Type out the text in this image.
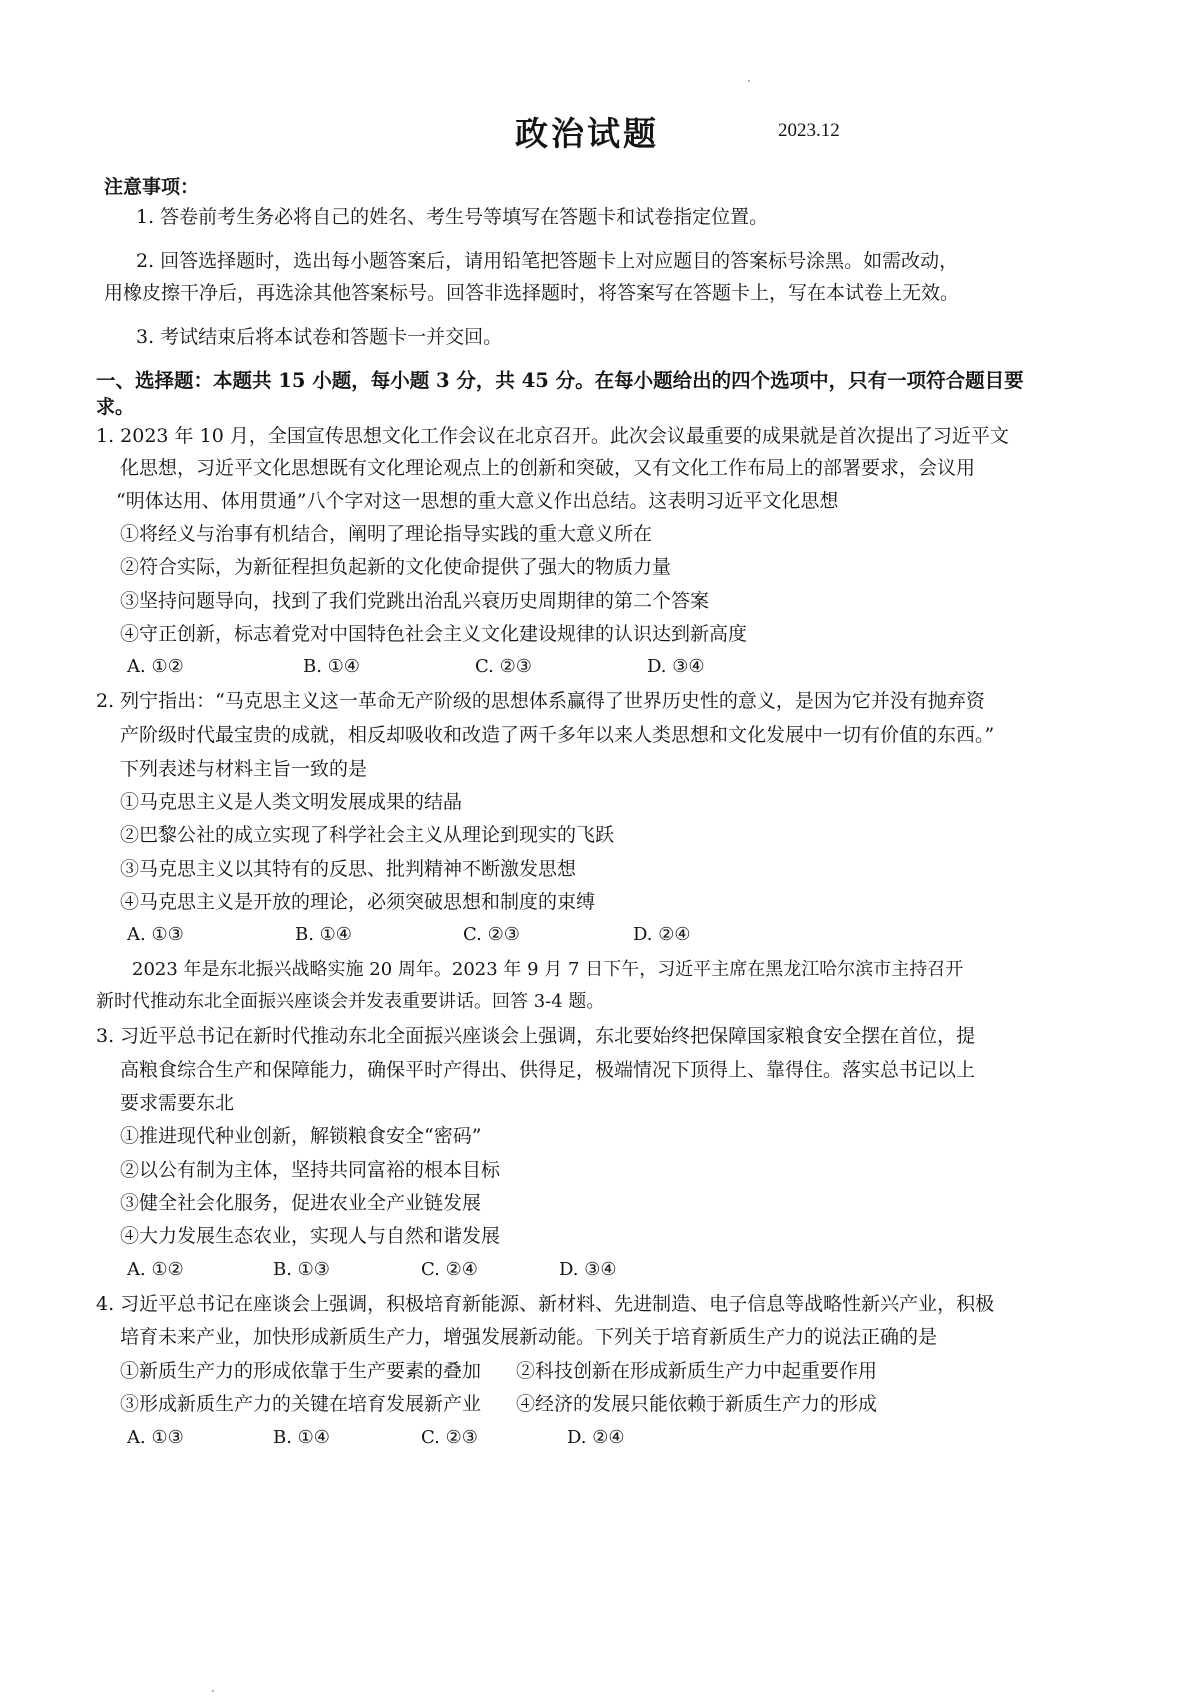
政治试题	2023.12
注意事项：
1. 答卷前考生务必将自己的姓名、考生号等填写在答题卡和试卷指定位置。
2. 回答选择题时，选出每小题答案后，请用铅笔把答题卡上对应题目的答案标号涂黑。如需改动，
用橡皮擦干净后，再选涂其他答案标号。回答非选择题时，将答案写在答题卡上，写在本试卷上无效。
3. 考试结束后将本试卷和答题卡一并交回。
一、选择题：本题共 15 小题，每小题 3 分，共 45 分。在每小题给出的四个选项中，只有一项符合题目要
求。
1. 2023 年 10 月，全国宣传思想文化工作会议在北京召开。此次会议最重要的成果就是首次提出了习近平文
化思想，习近平文化思想既有文化理论观点上的创新和突破，又有文化工作布局上的部署要求，会议用
“明体达用、体用贯通”八个字对这一思想的重大意义作出总结。这表明习近平文化思想
①将经义与治事有机结合，阐明了理论指导实践的重大意义所在
②符合实际，为新征程担负起新的文化使命提供了强大的物质力量
③坚持问题导向，找到了我们党跳出治乱兴衰历史周期律的第二个答案
④守正创新，标志着党对中国特色社会主义文化建设规律的认识达到新高度
A. ①②	B. ①④	C. ②③	D. ③④
2. 列宁指出：“马克思主义这一革命无产阶级的思想体系赢得了世界历史性的意义，是因为它并没有抛弃资
产阶级时代最宝贵的成就，相反却吸收和改造了两千多年以来人类思想和文化发展中一切有价值的东西。”
下列表述与材料主旨一致的是
①马克思主义是人类文明发展成果的结晶
②巴黎公社的成立实现了科学社会主义从理论到现实的飞跃
③马克思主义以其特有的反思、批判精神不断激发思想
④马克思主义是开放的理论，必须突破思想和制度的束缚
A. ①③	B. ①④	C. ②③	D. ②④
2023 年是东北振兴战略实施 20 周年。2023 年 9 月 7 日下午，习近平主席在黑龙江哈尔滨市主持召开
新时代推动东北全面振兴座谈会并发表重要讲话。回答 3-4 题。
3. 习近平总书记在新时代推动东北全面振兴座谈会上强调，东北要始终把保障国家粮食安全摆在首位，提
高粮食综合生产和保障能力，确保平时产得出、供得足，极端情况下顶得上、靠得住。落实总书记以上
要求需要东北
①推进现代种业创新，解锁粮食安全“密码”
②以公有制为主体，坚持共同富裕的根本目标
③健全社会化服务，促进农业全产业链发展
④大力发展生态农业，实现人与自然和谐发展
A. ①②	B. ①③	C. ②④	D. ③④
4. 习近平总书记在座谈会上强调，积极培育新能源、新材料、先进制造、电子信息等战略性新兴产业，积极
培育未来产业，加快形成新质生产力，增强发展新动能。下列关于培育新质生产力的说法正确的是
①新质生产力的形成依靠于生产要素的叠加 ②科技创新在形成新质生产力中起重要作用
③形成新质生产力的关键在培育发展新产业 ④经济的发展只能依赖于新质生产力的形成
A. ①③	B. ①④	C. ②③	D. ②④
